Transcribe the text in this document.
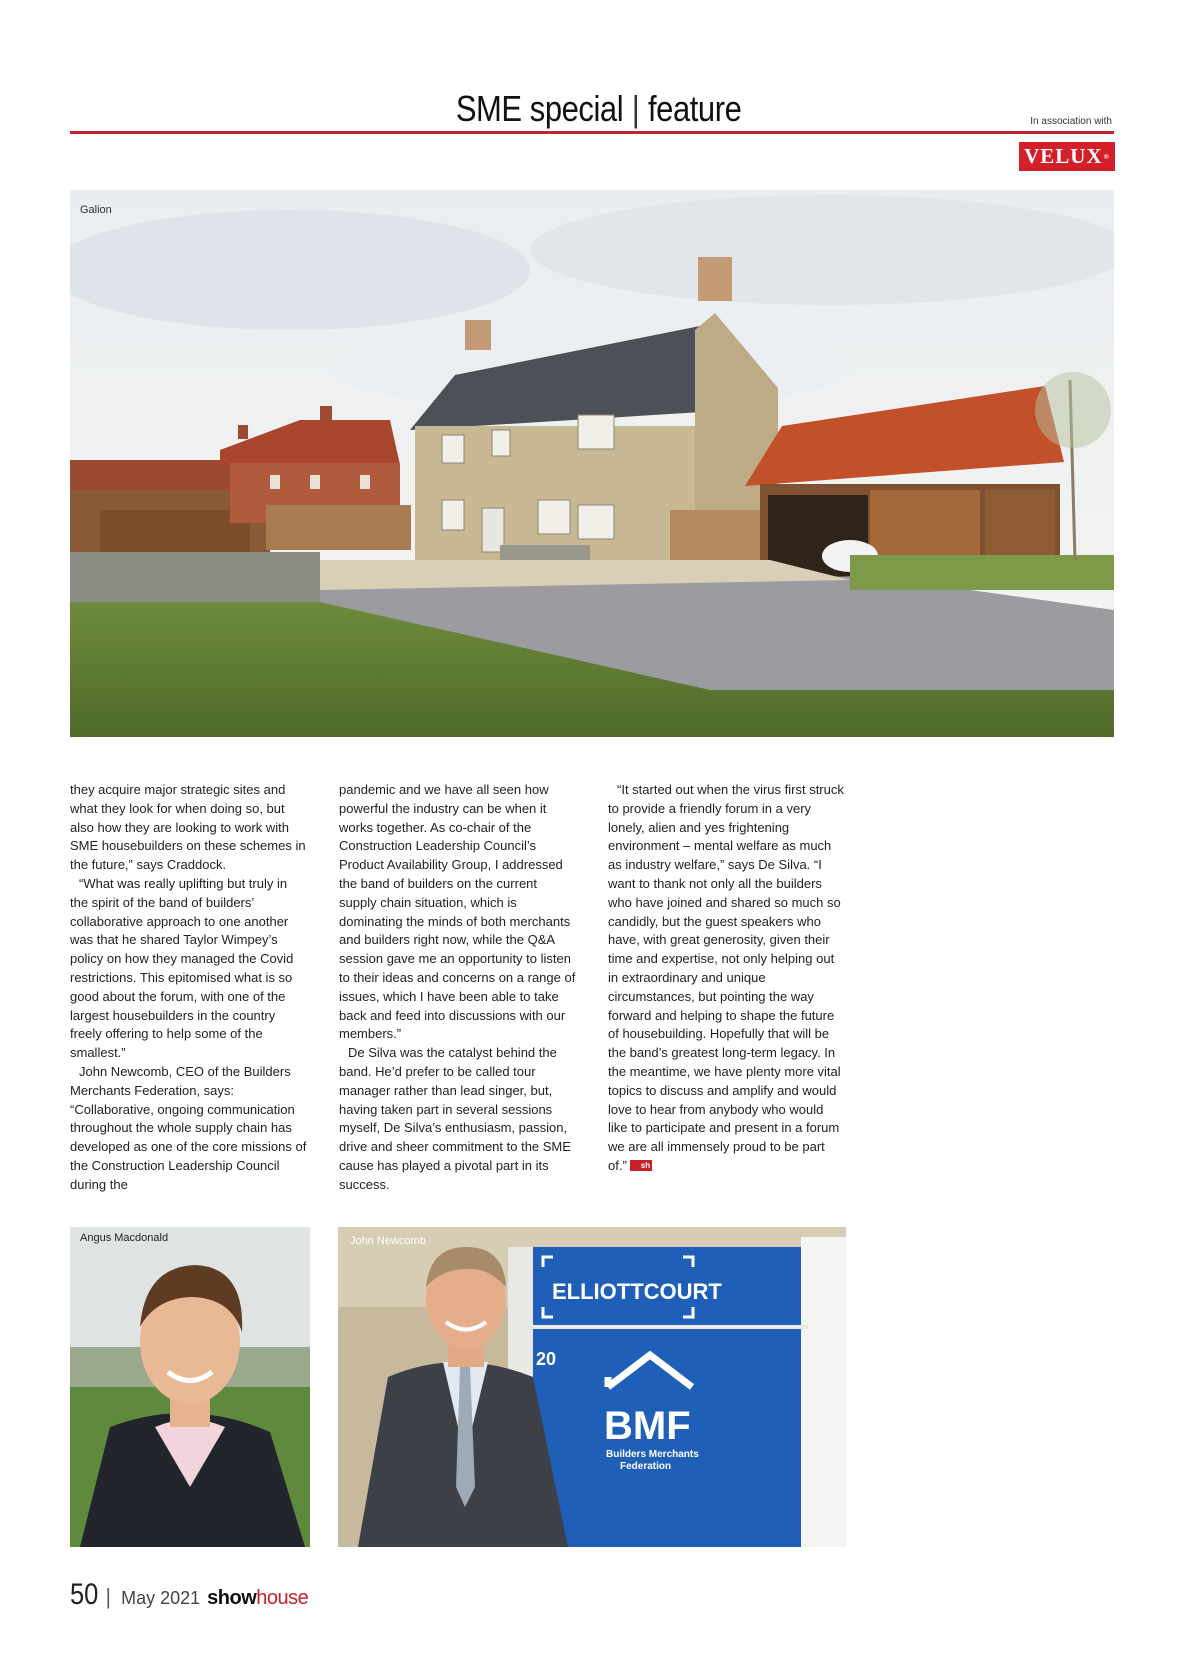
SME special | feature	In association with
VELUX ®
Galion

they acquire major strategic sites and what they look for when doing so, but also how they are looking to work with SME housebuilders on these schemes in the future,” says Craddock.

“What was really uplifting but truly in the spirit of the band of builders’ collaborative approach to one another was that he shared Taylor Wimpey’s policy on how they managed the Covid restrictions. This epitomised what is so good about the forum, with one of the largest housebuilders in the country freely offering to help some of the smallest.”

John Newcomb, CEO of the Builders Merchants Federation, says: “Collaborative, ongoing communication throughout the whole supply chain has developed as one of the core missions of the Construction Leadership Council during the

pandemic and we have all seen how powerful the industry can be when it works together. As co-chair of the Construction Leadership Council’s Product Availability Group, I addressed the band of builders on the current supply chain situation, which is dominating the minds of both merchants and builders right now, while the Q&A session gave me an opportunity to listen to their ideas and concerns on a range of issues, which I have been able to take back and feed into discussions with our members.”

De Silva was the catalyst behind the band. He’d prefer to be called tour manager rather than lead singer, but, having taken part in several sessions myself, De Silva’s enthusiasm, passion, drive and sheer commitment to the SME cause has played a pivotal part in its success.

“It started out when the virus first struck to provide a friendly forum in a very lonely, alien and yes frightening environment – mental welfare as much as industry welfare,” says De Silva. “I want to thank not only all the builders who have joined and shared so much so candidly, but the guest speakers who have, with great generosity, given their time and expertise, not only helping out in extraordinary and unique circumstances, but pointing the way forward and helping to shape the future of housebuilding. Hopefully that will be the band’s greatest long-term legacy. In the meantime, we have plenty more vital topics to discuss and amplify and would love to hear from anybody who would like to participate and present in a forum we are all immensely proud to be part of.” sh

Angus Macdonald
ELLIOTTCOURT
BMF
Builders Merchants
Federation
20
John Newcomb
50 | May 2021 show house
